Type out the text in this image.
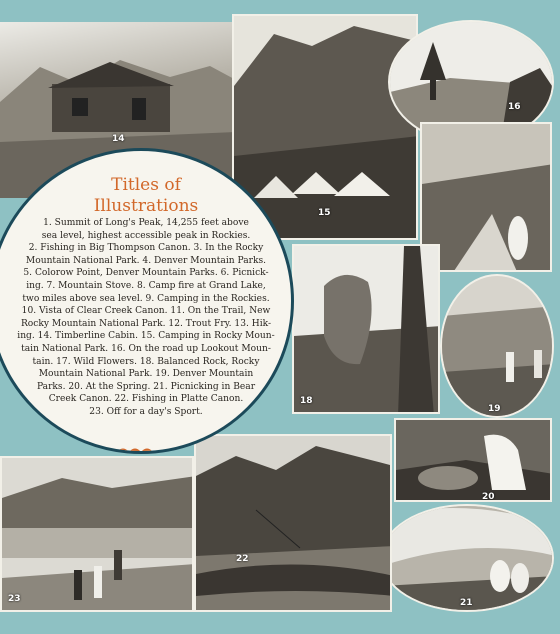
14
15
16
18
19
20
21
22
23
Titles of
Illustrations
1. Summit of Long's Peak, 14,255 feet above
sea level, highest accessible peak in Rockies.
2. Fishing in Big Thompson Canon. 3. In the Rocky
Mountain National Park. 4. Denver Mountain Parks.
5. Colorow Point, Denver Mountain Parks. 6. Picnick-
ing. 7. Mountain Stove. 8. Camp fire at Grand Lake,
two miles above sea level. 9. Camping in the Rockies.
10. Vista of Clear Creek Canon. 11. On the Trail, New
Rocky Mountain National Park. 12. Trout Fry. 13. Hik-
ing. 14. Timberline Cabin. 15. Camping in Rocky Moun-
tain National Park. 16. On the road up Lookout Moun-
tain. 17. Wild Flowers. 18. Balanced Rock, Rocky
Mountain National Park. 19. Denver Mountain
Parks. 20. At the Spring. 21. Picnicking in Bear
Creek Canon. 22. Fishing in Platte Canon.
23. Off for a day's Sport.
